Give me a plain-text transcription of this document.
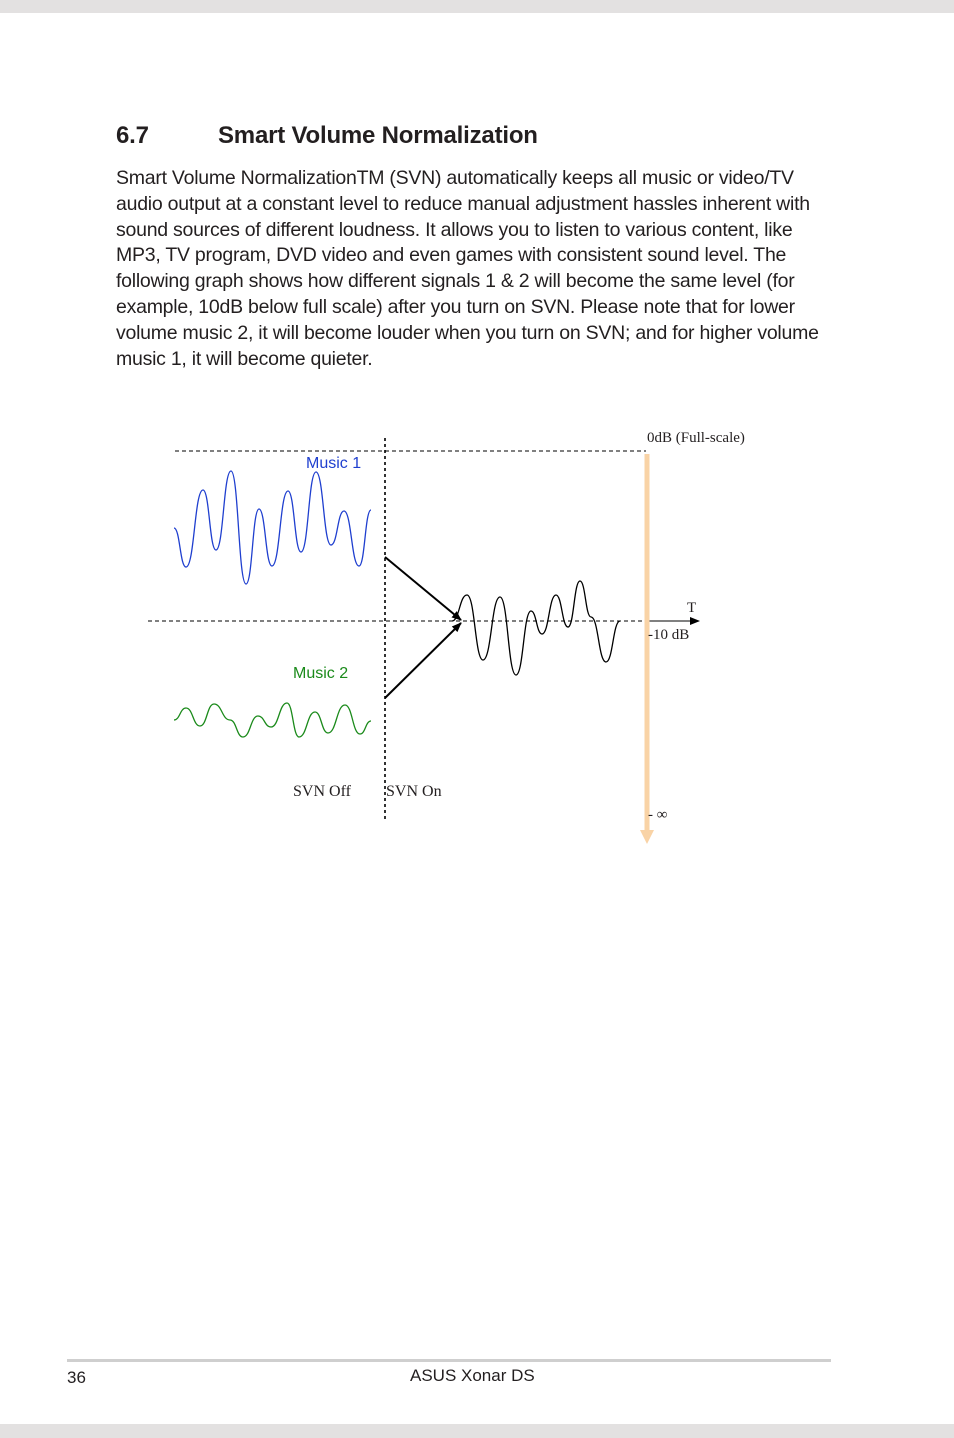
6.7	Smart Volume Normalization

Smart Volume NormalizationTM (SVN) automatically keeps all music or video/TV audio output at a constant level to reduce manual adjustment hassles inherent with sound sources of different loudness. It allows you to listen to various content, like MP3, TV program, DVD video and even games with consistent sound level. The following graph shows how different signals 1 & 2 will become the same level (for example, 10dB below full scale) after you turn on SVN. Please note that for lower volume music 2, it will become louder when you turn on SVN; and for higher volume music 1, it will become quieter.

Music 1
Music 2
0dB (Full-scale)
T
-10 dB
- ∞
SVN Off SVN On
36	ASUS Xonar DS
